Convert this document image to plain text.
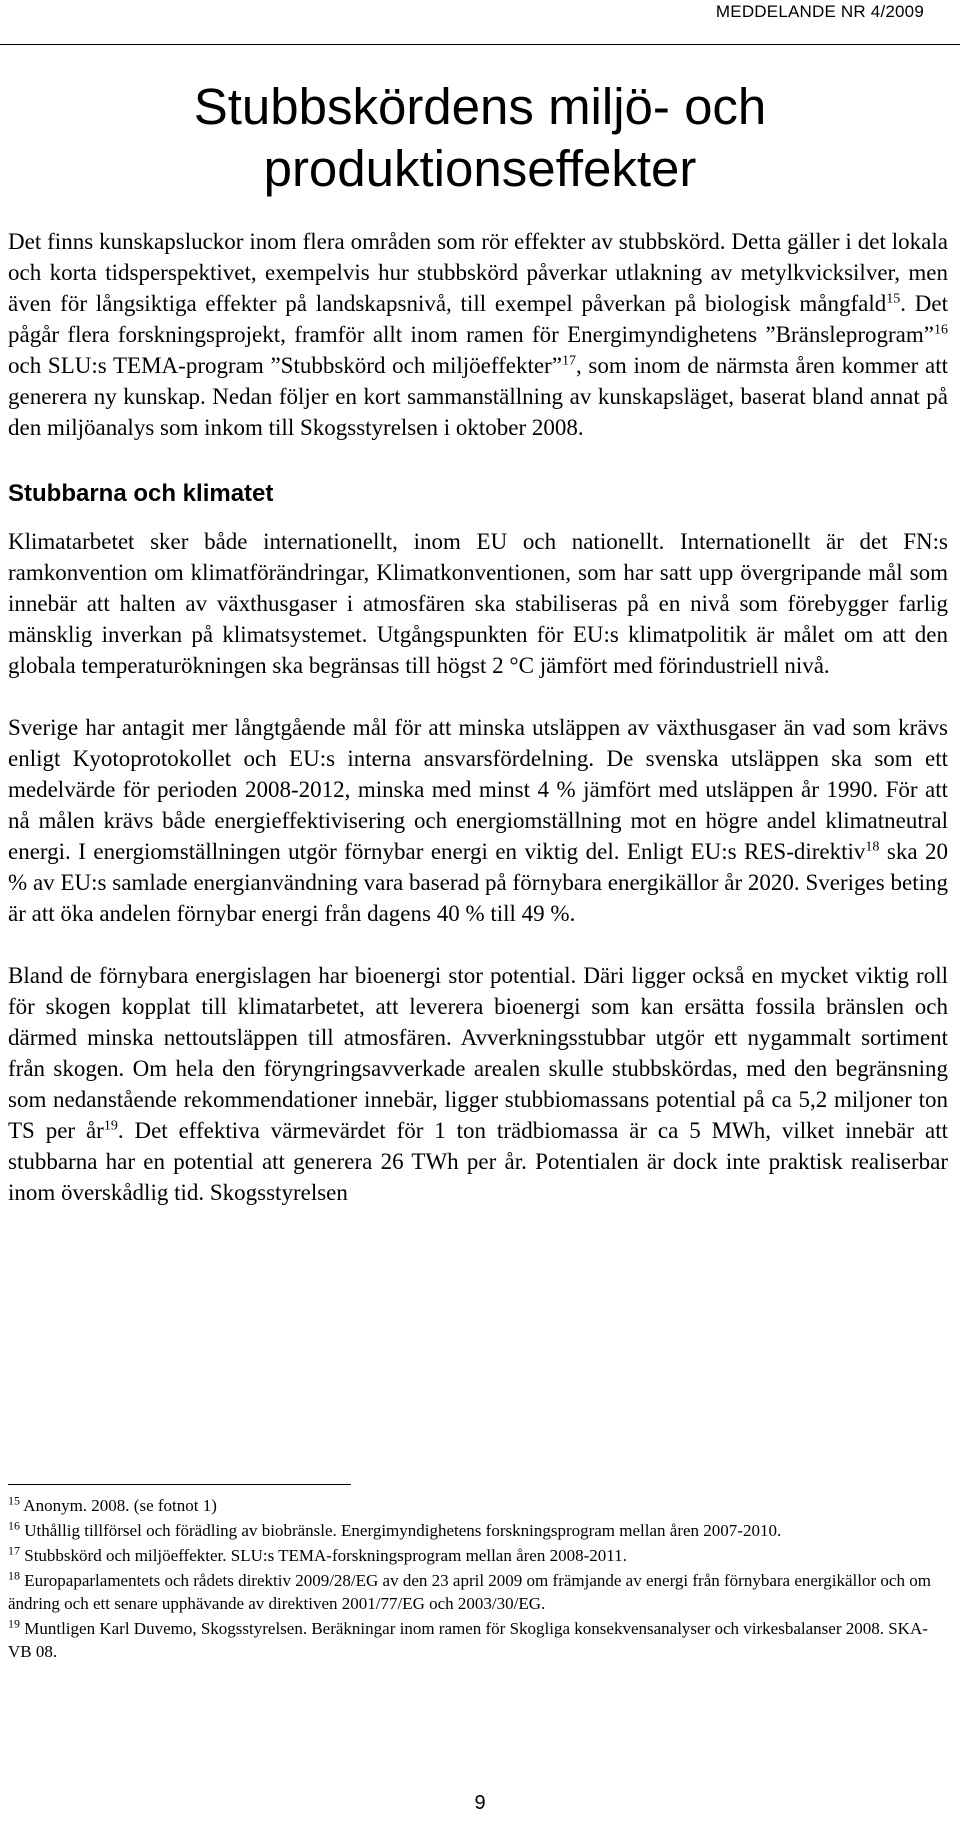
MEDDELANDE NR 4/2009
Stubbskördens miljö- och
produktionseffekter

Det finns kunskapsluckor inom flera områden som rör effekter av stubbskörd. Detta gäller i det lokala och korta tidsperspektivet, exempelvis hur stubbskörd påverkar utlakning av metylkvicksilver, men även för långsiktiga effekter på landskapsnivå, till exempel påverkan på biologisk mångfald$^{15}$. Det pågår flera forskningsprojekt, framför allt inom ramen för Energimyndighetens ”Bränsleprogram”$^{16}$ och SLU:s TEMA-program ”Stubbskörd och miljöeffekter”$^{17}$, som inom de närmsta åren kommer att generera ny kunskap. Nedan följer en kort sammanställning av kunskapsläget, baserat bland annat på den miljöanalys som inkom till Skogsstyrelsen i oktober 2008.

Stubbarna och klimatet

Klimatarbetet sker både internationellt, inom EU och nationellt. Internationellt är det FN:s ramkonvention om klimatförändringar, Klimatkonventionen, som har satt upp övergripande mål som innebär att halten av växthusgaser i atmosfären ska stabiliseras på en nivå som förebygger farlig mänsklig inverkan på klimatsystemet. Utgångspunkten för EU:s klimatpolitik är målet om att den globala temperaturökningen ska begränsas till högst 2 °C jämfört med förindustriell nivå.

Sverige har antagit mer långtgående mål för att minska utsläppen av växthusgaser än vad som krävs enligt Kyotoprotokollet och EU:s interna ansvarsfördelning. De svenska utsläppen ska som ett medelvärde för perioden 2008-2012, minska med minst 4 % jämfört med utsläppen år 1990. För att nå målen krävs både energieffektivisering och energiomställning mot en högre andel klimatneutral energi. I energiomställningen utgör förnybar energi en viktig del. Enligt EU:s RES-direktiv$^{18}$ ska 20 % av EU:s samlade energianvändning vara baserad på förnybara energikällor år 2020. Sveriges beting är att öka andelen förnybar energi från dagens 40 % till 49 %.

Bland de förnybara energislagen har bioenergi stor potential. Däri ligger också en mycket viktig roll för skogen kopplat till klimatarbetet, att leverera bioenergi som kan ersätta fossila bränslen och därmed minska nettoutsläppen till atmosfären. Avverkningsstubbar utgör ett nygammalt sortiment från skogen. Om hela den föryngringsavverkade arealen skulle stubbskördas, med den begränsning som nedanstående rekommendationer innebär, ligger stubbiomassans potential på ca 5,2 miljoner ton TS per $år^{19}$. Det effektiva värmevärdet för 1 ton trädbiomassa är ca 5 MWh, vilket innebär att stubbarna har en potential att generera 26 TWh per år. Potentialen är dock inte praktisk realiserbar inom överskådlig tid. Skogsstyrelsen

$^{15}$ Anonym. 2008. (se fotnot 1)

$^{16}$ Uthållig tillförsel och förädling av biobränsle. Energimyndighetens forskningsprogram mellan åren 2007-2010.

$^{17}$ Stubbskörd och miljöeffekter. SLU:s TEMA-forskningsprogram mellan åren 2008-2011.

$^{18}$ Europaparlamentets och rådets direktiv 2009/28/EG av den 23 april 2009 om främjande av energi från förnybara energikällor och om ändring och ett senare upphävande av direktiven 2001/77/EG och 2003/30/EG.

$^{19}$ Muntligen Karl Duvemo, Skogsstyrelsen. Beräkningar inom ramen för Skogliga konsekvensanalyser och virkesbalanser 2008. SKA-VB 08.

9
